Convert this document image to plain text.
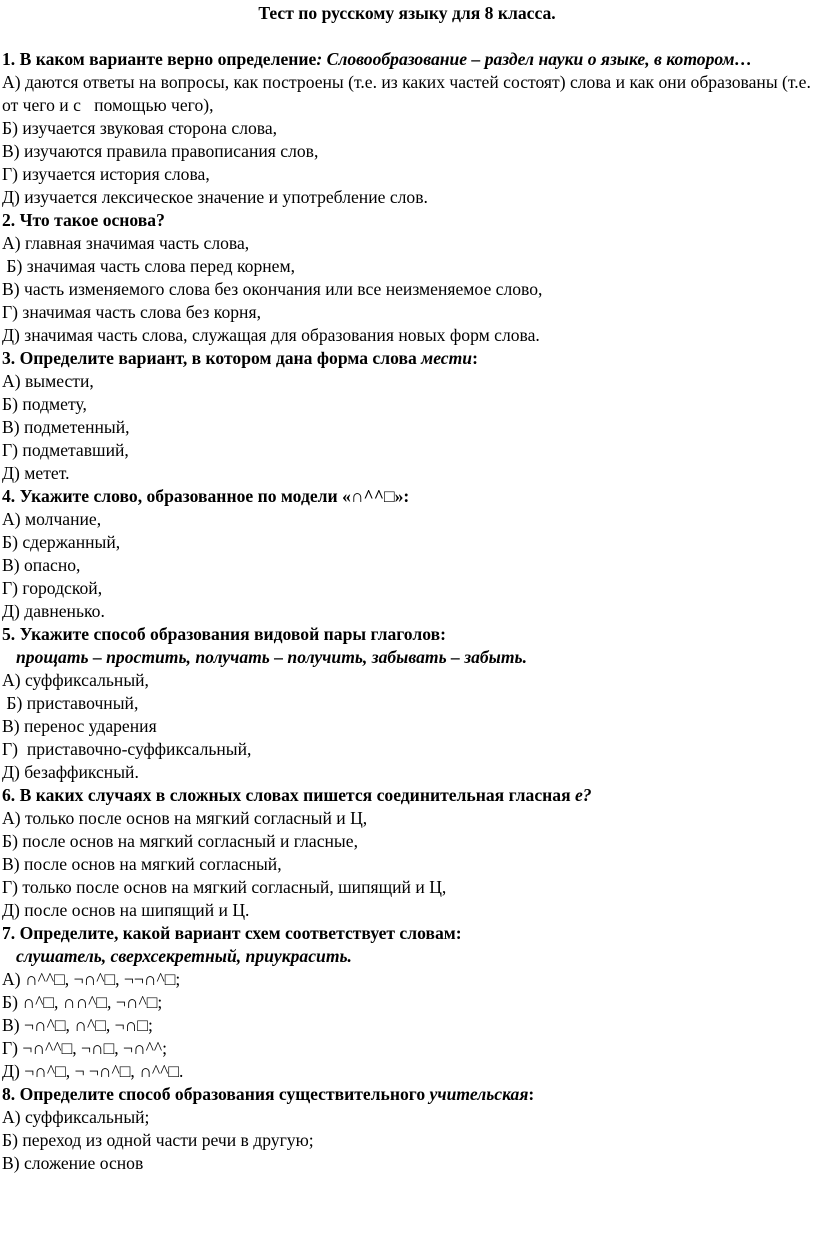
Тест по русскому языку для 8 класса.
1. В каком варианте верно определение: Словообразование – раздел науки о языке, в котором…
А) даются ответы на вопросы, как построены (т.е. из каких частей состоят) слова и как они образованы (т.е. от чего и с   помощью чего),
Б) изучается звуковая сторона слова,
В) изучаются правила правописания слов,
Г) изучается история слова,
Д) изучается лексическое значение и употребление слов.
2. Что такое основа?
А) главная значимая часть слова,
Б) значимая часть слова перед корнем,
В) часть изменяемого слова без окончания или все неизменяемое слово,
Г) значимая часть слова без корня,
Д) значимая часть слова, служащая для образования новых форм слова.
3. Определите вариант, в котором дана форма слова мести:
А) вымести,
Б) подмету,
В) подметенный,
Г) подметавший,
Д) метет.
4. Укажите слово, образованное по модели «∩^^□»:
А) молчание,
Б) сдержанный,
В) опасно,
Г) городской,
Д) давненько.
5. Укажите способ образования видовой пары глаголов:
прощать – простить, получать – получить, забывать – забыть.
А) суффиксальный,
Б) приставочный,
В) перенос ударения
Г)  приставочно-суффиксальный,
Д) безаффиксный.
6. В каких случаях в сложных словах пишется соединительная гласная е?
А) только после основ на мягкий согласный и Ц,
Б) после основ на мягкий согласный и гласные,
В) после основ на мягкий согласный,
Г) только после основ на мягкий согласный, шипящий и Ц,
Д) после основ на шипящий и Ц.
7. Определите, какой вариант схем соответствует словам:
слушатель, сверхсекретный, приукрасить.
А) ∩^^□, ¬∩^□, ¬¬∩^□;
Б) ∩^□, ∩∩^□, ¬∩^□;
В) ¬∩^□, ∩^□, ¬∩□;
Г) ¬∩^^□, ¬∩□, ¬∩^^;
Д) ¬∩^□, ¬ ¬∩^□, ∩^^□.
8. Определите способ образования существительного учительская:
А) суффиксальный;
Б) переход из одной части речи в другую;
В) сложение основ
